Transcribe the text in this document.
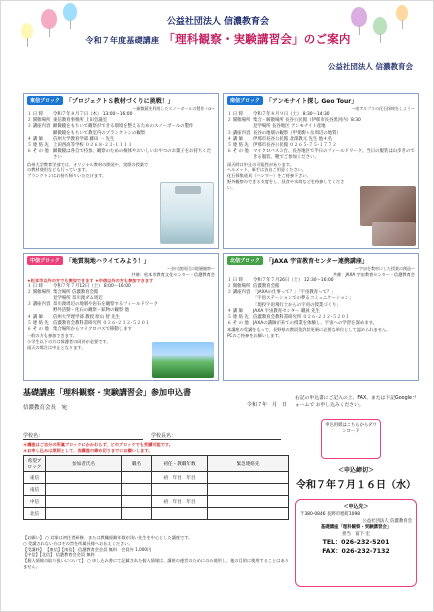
公益社団法人 信濃教育会
令和７年度基礎講座 「理科観察・実験講習会」のご案内
公益社団法人 信濃教育会
東信ブロック	「プロジェクトＳ教材づくりに挑戦！」
～顕微鏡を利用したスノーボールの製作＋α～
１ 日 時	令和７年８月７日（木） 13:00～16:00
２ 開催場所 東信教育事務所 上田会議室
３ 講座内容 顕微鏡をもちいて観察ができる環境を整えるためのスノーボールの製作
顕微鏡をもちいて教室内のプランクトンの観察
４ 講 師	信州大学教育学部 藤田 一 先生
５ 連 絡 先 上田西高等学校 ０２６８-２３-１１１１
６ そ の 他 顕微鏡は各自で持参。観察のための検体やおいしいおやつのお菓子をお持ちください
信州大学教育学部では、オリジナル教材の開発や、実際の授業での教材使用なども行っています。
プランクトンはお持ち帰りいただけます。
南信ブロック	「アンモナイト探し Geo Tour」
～南アルプスの化石探検をしよう～
１ 日 時	令和７年８月９日（土） 8:30～14:30
２ 開催場所 集合・解散場所 長谷公民館（伊那市長谷黒河内）8:30
見学場所 長谷地区 アンモナイト産地
３ 講座内容 長谷の地層の観察（甲斐駒ヶ岳周辺の地質）
４ 講 師	伊那市長谷公民館 北澤教元 先生 他４名
５ 連 絡 先 伊那市長谷公民館 ０２６５-７５-１７７２
６ そ の 他 マイクロバス３台、長谷地区で半日のフィールドワーク。当日の服装は山歩きのできる服装、靴でご参加ください。
雨天時は中止の可能性があります。
ヘルメット、軍手は各自ご用意ください。
化石採集道具（ハンマー）をご持参下さい。
野外観察のできる支度をし、昼食や水筒などを持参してください。
中信ブロック	「地質現地ハライてみよう！」
～奈川渡周辺の地層観察～
共催：松本市教育文化センター・信濃教育会
★松本市以外の方でも参加できます ★中信以外の方も参加できます
１ 日 時	令和７年７月12日（土） 8:00～16:00
２ 開催場所 集合場所 信濃教育会館
見学場所 奈川渡ダム周辺
３ 講座内容 奈川渡周辺の地層や岩石を観察するフィールドワーク
野外活動・化石の観察・鉱物の観察 他
４ 講 師	信州大学理学部 教授 原山 智 先生
５ 連 絡 先 信濃教育会教科書研究所 ０２６-２３２-５２０１
６ そ の 他 集合場所からマイクロバスで移動します
一般の方も参加できます。
小学生以下の方は保護者の同伴が必要です。
雨天の場合は中止となります。
北信ブロック	「JAXA 宇宙教育センター連携講座」
～宇宙を教材にした授業の創造～
共催：JAXA 宇宙教育センター・信濃教育会
１ 日 時	令和７年７月26日（土） 12:30～16:00
２ 開催場所 信濃教育会館
３ 講座内容 「JAXAの仕事って？」「宇宙教育って？」
「宇宙ステーションでの夢るコミュニケーション」
「現役宇宙飛行士からの宇宙の授業づくり」
４ 講 師	JAXA 宇宙教育センター 職員 先生
５ 連 絡 先 信濃教育会教科書研究所 ０２６-２３２-５２０１
６ そ の 他 JAXAの講師が来ての授業を体験し、宇宙への学習を深めます。
本講座の受講をもって、長野県の教員免許状更新に必要な単位として認められません。
PCのご持参をお願いします。
基礎講座「理科観察・実験講習会」参加申込書
令和７年　月　日
信濃教育会長　宛
学校名：	学校長名：
＊講座はご自分の所属ブロックにかかわらず、どのブロックでも受講可能です。
＊お申し込みは原則として、各講座の締め切りまでにお願いします。
希望ブロック	参加者氏名	職名	初任・教職年数	緊急連絡先
東信			初　年目　年目	
南信				
中信			初　年目　年目	
北信				
【お願い】 ○ 対象は初任者研修、または教職経験年数が浅い先生を中心とした講座です。
○ 受講されない方はその旨を所属長様へお伝えください。
【受講料】 【東信】【南信】 信濃教育会会員 無料　会員外 1,000円
【中信】【北信】 信濃教育会会員 無料
【個人情報の取り扱いについて】 ○ 申し込み書にて記載された個人情報は、講座の運営のためにのみ使用し、他の目的に使用することはありません。
右記の申込書にご記入の上、FAX、または下記Googleフォームで お申し込みください。
申込用紙はこちらからダウンロード
＜申込締切＞
令和７年７月１６日（水）
＜申込先＞
〒380-0846 長野市旭町1098
公益社団法人 信濃教育会
基礎講座「理科観察・実験講習会」
担当　富下 宏
TEL：026-232-5201
FAX：026-232-7132
